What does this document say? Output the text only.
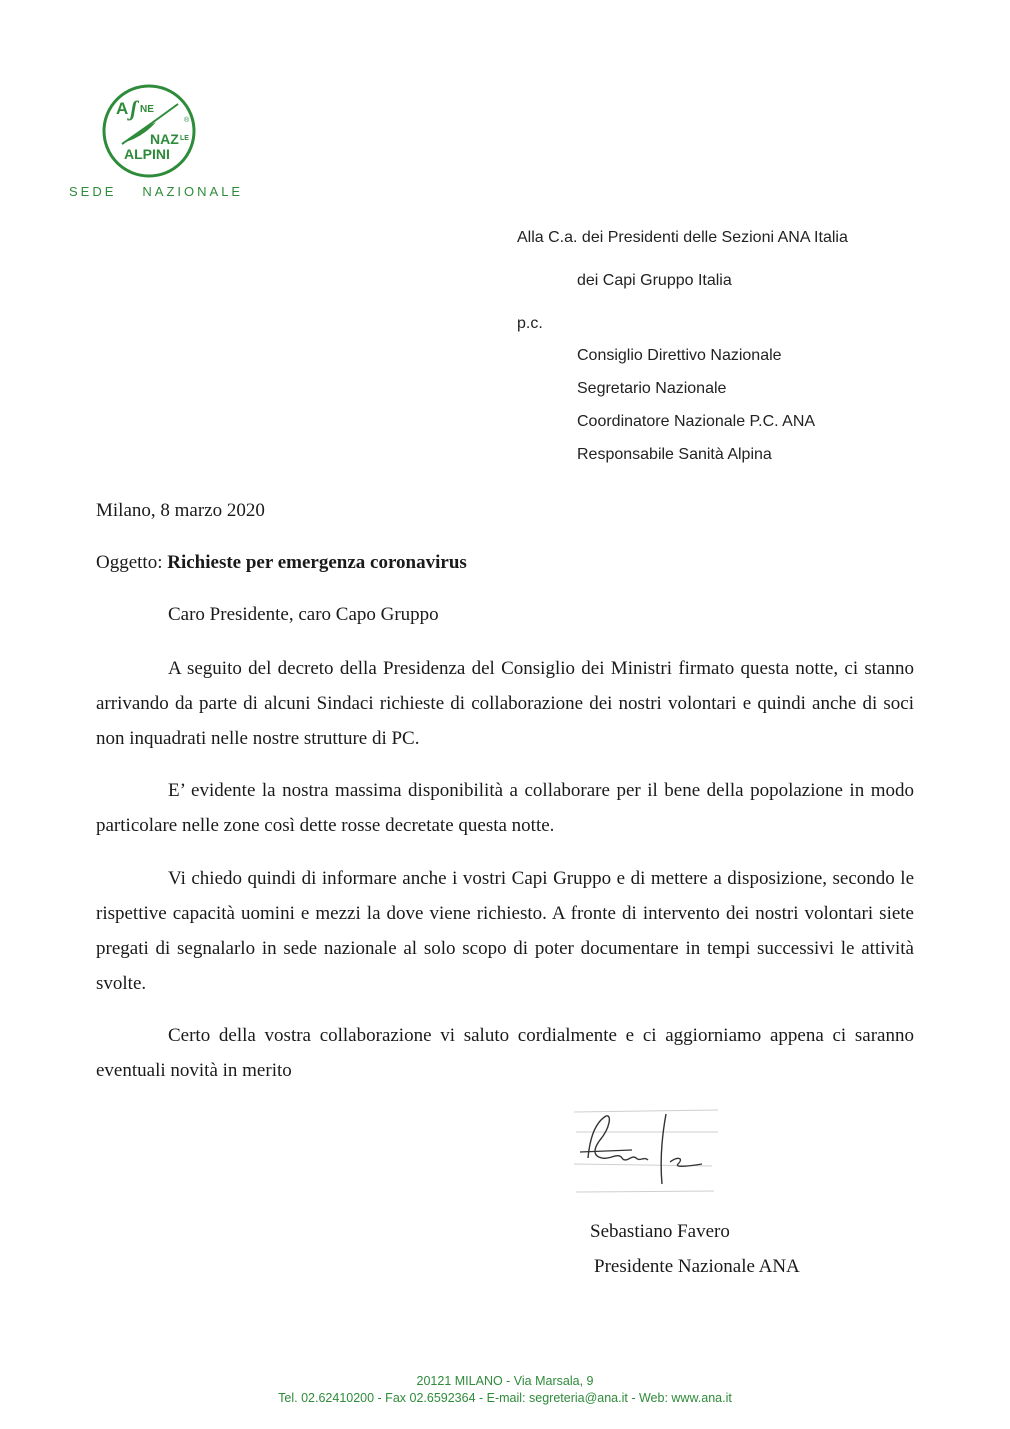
A ʃ NE
NAZ LE
®
ALPINI
SEDE NAZIONALE
Alla C.a. dei Presidenti delle Sezioni ANA Italia
dei Capi Gruppo Italia
p.c.
Consiglio Direttivo Nazionale
Segretario Nazionale
Coordinatore Nazionale P.C. ANA
Responsabile Sanità Alpina
Milano, 8 marzo 2020
Oggetto: Richieste per emergenza coronavirus
Caro Presidente, caro Capo Gruppo

A seguito del decreto della Presidenza del Consiglio dei Ministri firmato questa notte, ci stanno arrivando da parte di alcuni Sindaci richieste di collaborazione dei nostri volontari e quindi anche di soci non inquadrati nelle nostre strutture di PC.

E’ evidente la nostra massima disponibilità a collaborare per il bene della popolazione in modo particolare nelle zone così dette rosse decretate questa notte.

Vi chiedo quindi di informare anche i vostri Capi Gruppo e di mettere a disposizione, secondo le rispettive capacità uomini e mezzi la dove viene richiesto. A fronte di intervento dei nostri volontari siete pregati di segnalarlo in sede nazionale al solo scopo di poter documentare in tempi successivi le attività svolte.

Certo della vostra collaborazione vi saluto cordialmente e ci aggiorniamo appena ci saranno eventuali novità in merito

Sebastiano Favero
Presidente Nazionale ANA
20121 MILANO - Via Marsala, 9
Tel. 02.62410200 - Fax 02.6592364 - E-mail: segreteria@ana.it - Web: www.ana.it
